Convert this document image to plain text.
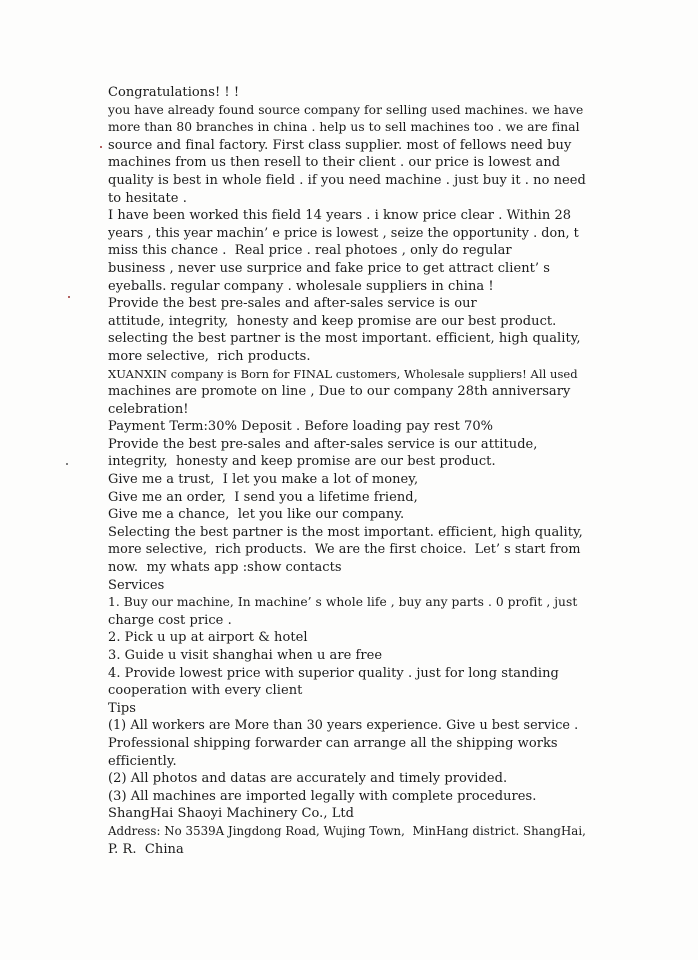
Congratulations! ! !
you have already found source company for selling used machines. we have
more than 80 branches in china . help us to sell machines too . we are final
source and final factory. First class supplier. most of fellows need buy
machines from us then resell to their client . our price is lowest and
quality is best in whole field . if you need machine . just buy it . no need
to hesitate .
I have been worked this field 14 years . i know price clear . Within 28
years , this year machin’ e price is lowest , seize the opportunity . don, t
miss this chance .  Real price . real photoes , only do regular
business , never use surprice and fake price to get attract client’ s
eyeballs. regular company . wholesale suppliers in china !
Provide the best pre-sales and after-sales service is our
attitude, integrity,  honesty and keep promise are our best product.
selecting the best partner is the most important. efficient, high quality,
more selective,  rich products.
XUANXIN company is Born for FINAL customers, Wholesale suppliers! All used
machines are promote on line , Due to our company 28th anniversary
celebration!
Payment Term:30% Deposit . Before loading pay rest 70%
Provide the best pre-sales and after-sales service is our attitude,
integrity,  honesty and keep promise are our best product.
Give me a trust,  I let you make a lot of money,
Give me an order,  I send you a lifetime friend,
Give me a chance,  let you like our company.
Selecting the best partner is the most important. efficient, high quality,
more selective,  rich products.  We are the first choice.  Let’ s start from
now.  my whats app :show contacts
Services
1. Buy our machine, In machine’ s whole life , buy any parts . 0 profit , just
charge cost price .
2. Pick u up at airport & hotel
3. Guide u visit shanghai when u are free
4. Provide lowest price with superior quality . just for long standing
cooperation with every client
Tips
(1) All workers are More than 30 years experience. Give u best service .
Professional shipping forwarder can arrange all the shipping works
efficiently.
(2) All photos and datas are accurately and timely provided.
(3) All machines are imported legally with complete procedures.
ShangHai Shaoyi Machinery Co., Ltd
Address: No 3539A Jingdong Road, Wujing Town,  MinHang district. ShangHai,
P. R.  China
